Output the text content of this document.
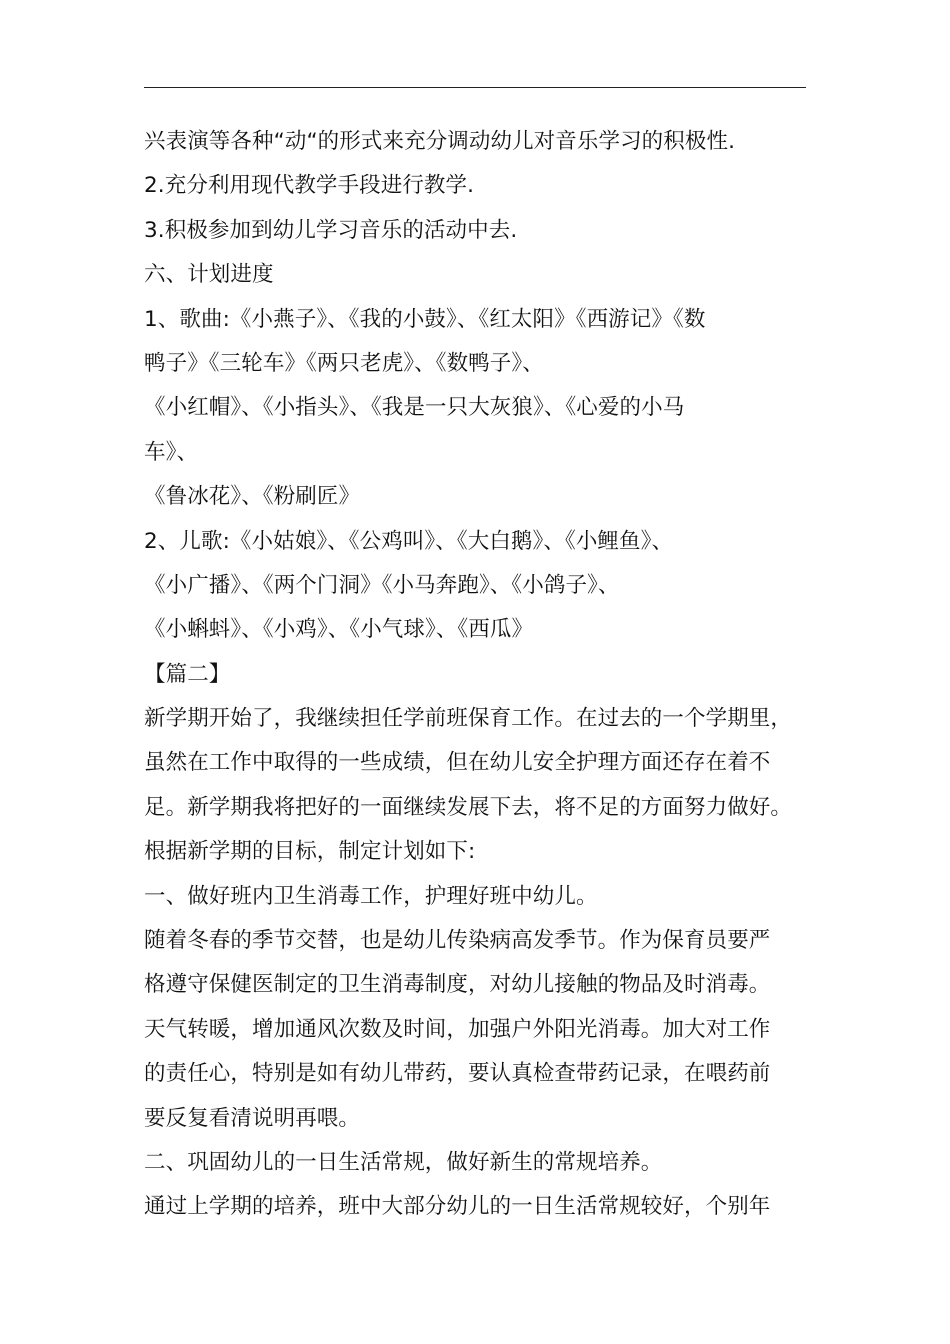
兴表演等各种“动“的形式来充分调动幼儿对音乐学习的积极性.
2.充分利用现代教学手段进行教学.
3.积极参加到幼儿学习音乐的活动中去.
六、计划进度
1、歌曲:《小燕子》、《我的小鼓》、《红太阳》《西游记》《数
鸭子》《三轮车》《两只老虎》、《数鸭子》、
《小红帽》、《小指头》、《我是一只大灰狼》、《心爱的小马
车》、
《鲁冰花》、《粉刷匠》
2、儿歌:《小姑娘》、《公鸡叫》、《大白鹅》、《小鲤鱼》、
《小广播》、《两个门洞》《小马奔跑》、《小鸽子》、
《小蝌蚪》、《小鸡》、《小气球》、《西瓜》
【篇二】
新学期开始了，我继续担任学前班保育工作。在过去的一个学期里，
虽然在工作中取得的一些成绩，但在幼儿安全护理方面还存在着不
足。新学期我将把好的一面继续发展下去，将不足的方面努力做好。
根据新学期的目标，制定计划如下:
一、做好班内卫生消毒工作，护理好班中幼儿。
随着冬春的季节交替，也是幼儿传染病高发季节。作为保育员要严
格遵守保健医制定的卫生消毒制度，对幼儿接触的物品及时消毒。
天气转暖，增加通风次数及时间，加强户外阳光消毒。加大对工作
的责任心，特别是如有幼儿带药，要认真检查带药记录，在喂药前
要反复看清说明再喂。
二、巩固幼儿的一日生活常规，做好新生的常规培养。
通过上学期的培养，班中大部分幼儿的一日生活常规较好，个别年
